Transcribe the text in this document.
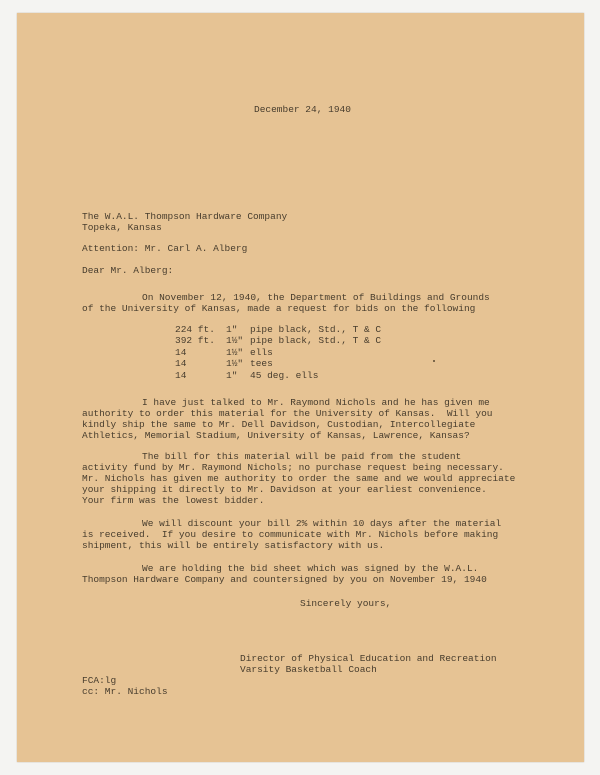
December 24, 1940
The W.A.L. Thompson Hardware Company
Topeka, Kansas
Attention: Mr. Carl A. Alberg
Dear Mr. Alberg:
On November 12, 1940, the Department of Buildings and Grounds
of the University of Kansas, made a request for bids on the following
224 ft. 1" pipe black, Std., T & C
392 ft. 1½" pipe black, Std., T & C
14	1½" ells
14	1½" tees
14	1" 45 deg. ells
I have just talked to Mr. Raymond Nichols and he has given me
authority to order this material for the University of Kansas.  Will you
kindly ship the same to Mr. Dell Davidson, Custodian, Intercollegiate
Athletics, Memorial Stadium, University of Kansas, Lawrence, Kansas?
The bill for this material will be paid from the student
activity fund by Mr. Raymond Nichols; no purchase request being necessary.
Mr. Nichols has given me authority to order the same and we would appreciate
your shipping it directly to Mr. Davidson at your earliest convenience.
Your firm was the lowest bidder.
We will discount your bill 2% within 10 days after the material
is received.  If you desire to communicate with Mr. Nichols before making
shipment, this will be entirely satisfactory with us.
We are holding the bid sheet which was signed by the W.A.L.
Thompson Hardware Company and countersigned by you on November 19, 1940
Sincerely yours,
Director of Physical Education and Recreation
Varsity Basketball Coach
FCA:lg
cc: Mr. Nichols
